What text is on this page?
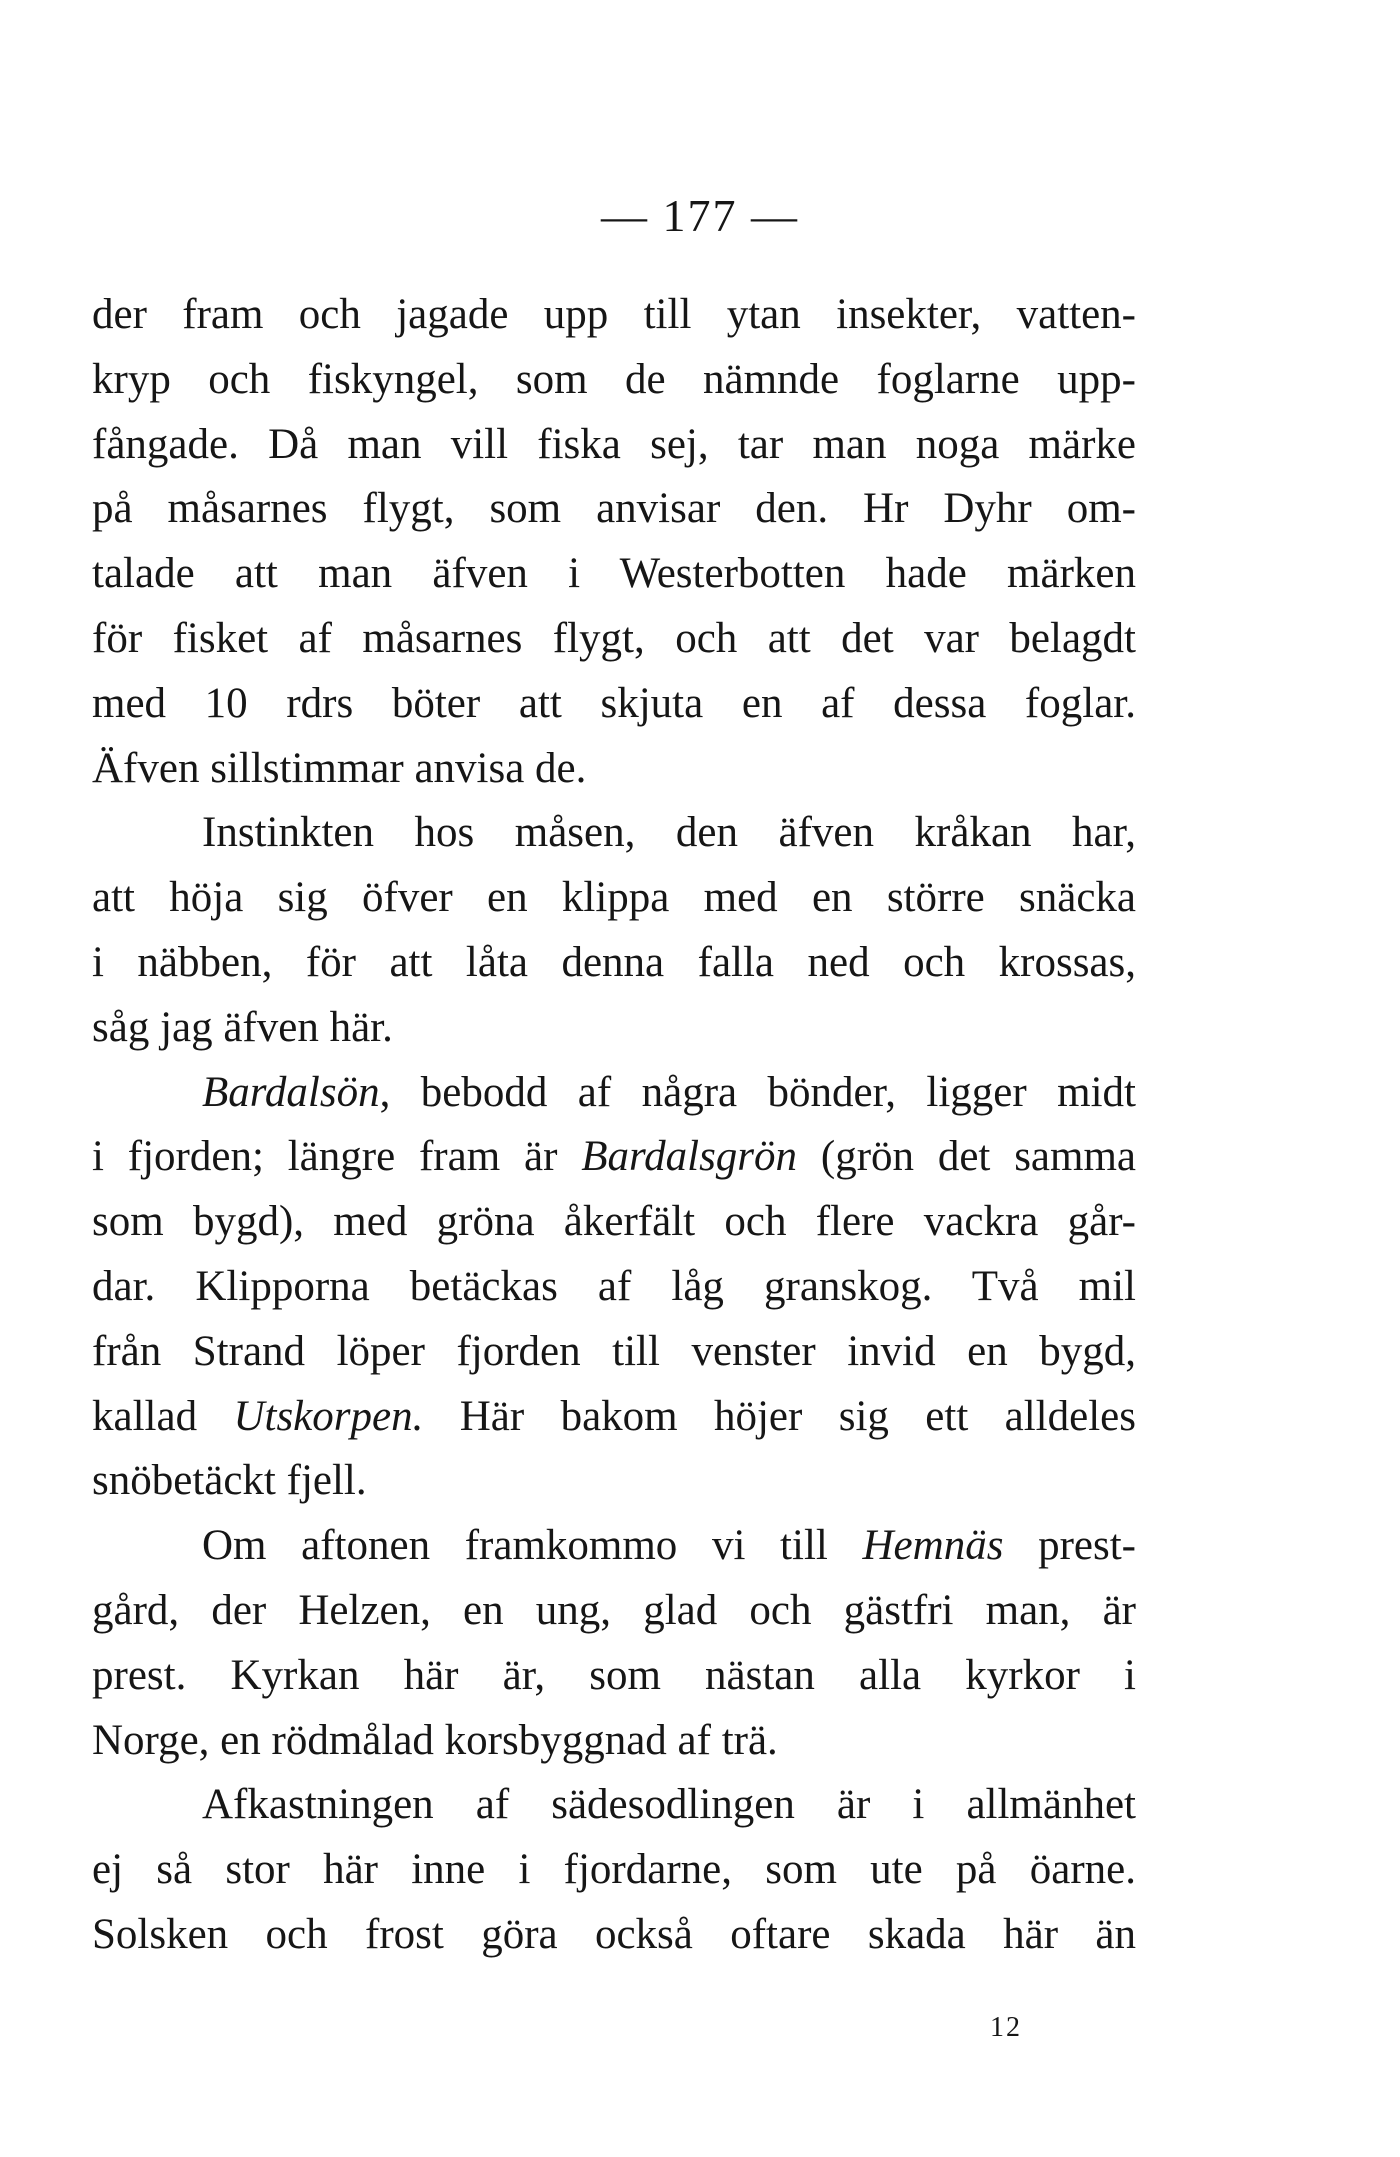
— 177 —
der fram och jagade upp till ytan insekter, vatten-
kryp och fiskyngel, som de nämnde foglarne upp-
fångade. Då man vill fiska sej, tar man noga märke
på måsarnes flygt, som anvisar den. Hr Dyhr om-
talade att man äfven i Westerbotten hade märken
för fisket af måsarnes flygt, och att det var belagdt
med 10 rdrs böter att skjuta en af dessa foglar.
Äfven sillstimmar anvisa de.
Instinkten hos måsen, den äfven kråkan har,
att höja sig öfver en klippa med en större snäcka
i näbben, för att låta denna falla ned och krossas,
såg jag äfven här.
Bardalsön, bebodd af några bönder, ligger midt
i fjorden; längre fram är Bardalsgrön (grön det samma
som bygd), med gröna åkerfält och flere vackra går-
dar. Klipporna betäckas af låg granskog. Två mil
från Strand löper fjorden till venster invid en bygd,
kallad Utskorpen. Här bakom höjer sig ett alldeles
snöbetäckt fjell.
Om aftonen framkommo vi till Hemnäs prest-
gård, der Helzen, en ung, glad och gästfri man, är
prest. Kyrkan här är, som nästan alla kyrkor i
Norge, en rödmålad korsbyggnad af trä.
Afkastningen af sädesodlingen är i allmänhet
ej så stor här inne i fjordarne, som ute på öarne.
Solsken och frost göra också oftare skada här än
12
